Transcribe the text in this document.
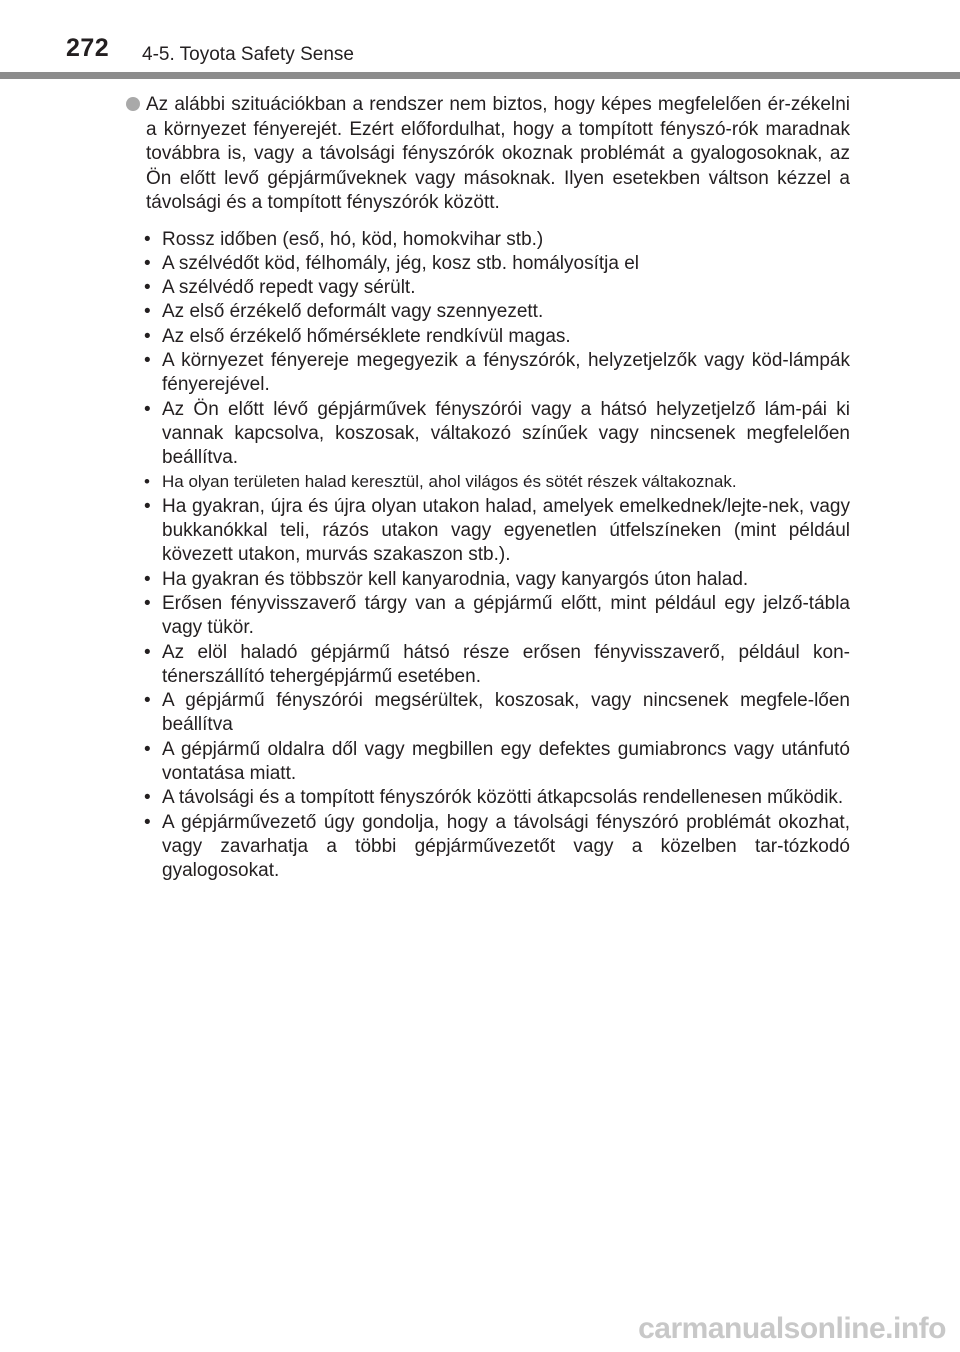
272 4-5. Toyota Safety Sense

Az alábbi szituációkban a rendszer nem biztos, hogy képes megfelelően ér-zékelni a környezet fényerejét. Ezért előfordulhat, hogy a tompított fényszó-rók maradnak továbbra is, vagy a távolsági fényszórók okoznak problémát a gyalogosoknak, az Ön előtt levő gépjárműveknek vagy másoknak. Ilyen esetekben váltson kézzel a távolsági és a tompított fényszórók között.

• Rossz időben (eső, hó, köd, homokvihar stb.)
• A szélvédőt köd, félhomály, jég, kosz stb. homályosítja el
• A szélvédő repedt vagy sérült.
• Az első érzékelő deformált vagy szennyezett.
• Az első érzékelő hőmérséklete rendkívül magas.
• A környezet fényereje megegyezik a fényszórók, helyzetjelzők vagy köd-lámpák fényerejével.
• Az Ön előtt lévő gépjárművek fényszórói vagy a hátsó helyzetjelző lám-pái ki vannak kapcsolva, koszosak, váltakozó színűek vagy nincsenek megfelelően beállítva.
• Ha olyan területen halad keresztül, ahol világos és sötét részek váltakoznak.
• Ha gyakran, újra és újra olyan utakon halad, amelyek emelkednek/lejte-nek, vagy bukkanókkal teli, rázós utakon vagy egyenetlen útfelszíneken (mint például kövezett utakon, murvás szakaszon stb.).
• Ha gyakran és többször kell kanyarodnia, vagy kanyargós úton halad.
• Erősen fényvisszaverő tárgy van a gépjármű előtt, mint például egy jelző-tábla vagy tükör.
• Az elöl haladó gépjármű hátsó része erősen fényvisszaverő, például kon-ténerszállító tehergépjármű esetében.
• A gépjármű fényszórói megsérültek, koszosak, vagy nincsenek megfele-lően beállítva
• A gépjármű oldalra dől vagy megbillen egy defektes gumiabroncs vagy utánfutó vontatása miatt.
• A távolsági és a tompított fényszórók közötti átkapcsolás rendellenesen működik.
• A gépjárművezető úgy gondolja, hogy a távolsági fényszóró problémát okozhat, vagy zavarhatja a többi gépjárművezetőt vagy a közelben tar-tózkodó gyalogosokat.
carmanualsonline.info
